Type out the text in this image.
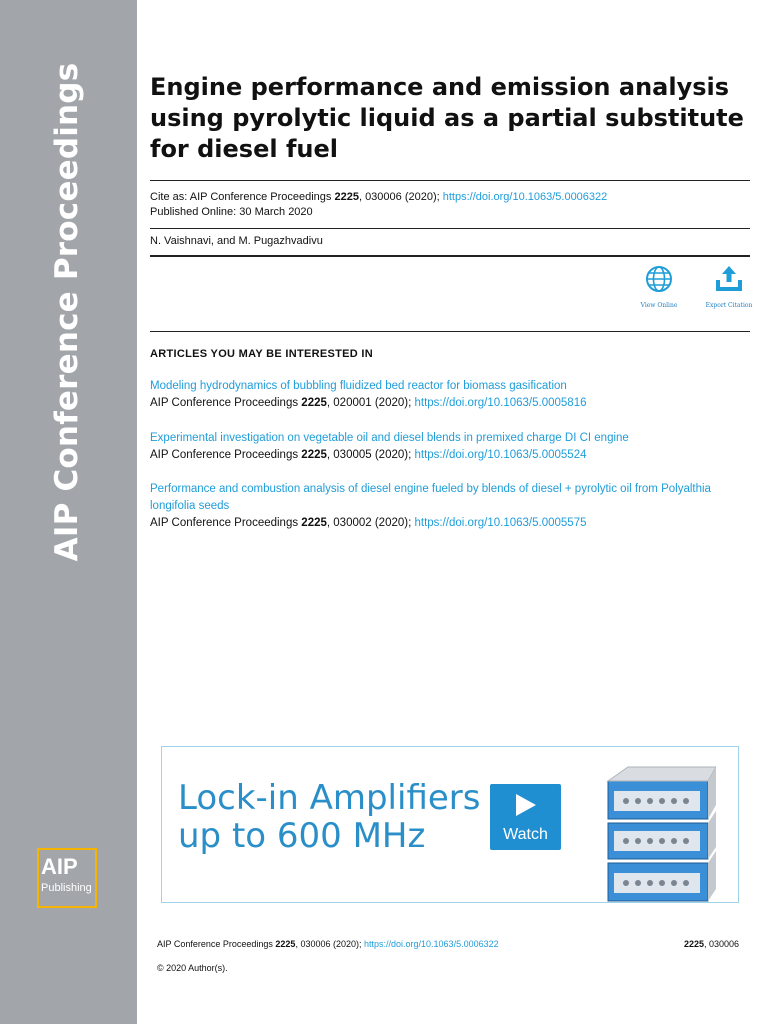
AIP Conference Proceedings
AIP
Publishing
Engine performance and emission analysis using pyrolytic liquid as a partial substitute for diesel fuel
Cite as: AIP Conference Proceedings 2225, 030006 (2020); https://doi.org/10.1063/5.0006322
Published Online: 30 March 2020
N. Vaishnavi, and M. Pugazhvadivu
View Online	Export Citation
ARTICLES YOU MAY BE INTERESTED IN
Modeling hydrodynamics of bubbling fluidized bed reactor for biomass gasification
AIP Conference Proceedings 2225, 020001 (2020); https://doi.org/10.1063/5.0005816
Experimental investigation on vegetable oil and diesel blends in premixed charge DI CI engine
AIP Conference Proceedings 2225, 030005 (2020); https://doi.org/10.1063/5.0005524
Performance and combustion analysis of diesel engine fueled by blends of diesel + pyrolytic oil from Polyalthia longifolia seeds
AIP Conference Proceedings 2225, 030002 (2020); https://doi.org/10.1063/5.0005575
Lock-in Amplifiers
up to 600 MHz	Watch
AIP Conference Proceedings 2225, 030006 (2020); https://doi.org/10.1063/5.0006322	2225, 030006
© 2020 Author(s).
